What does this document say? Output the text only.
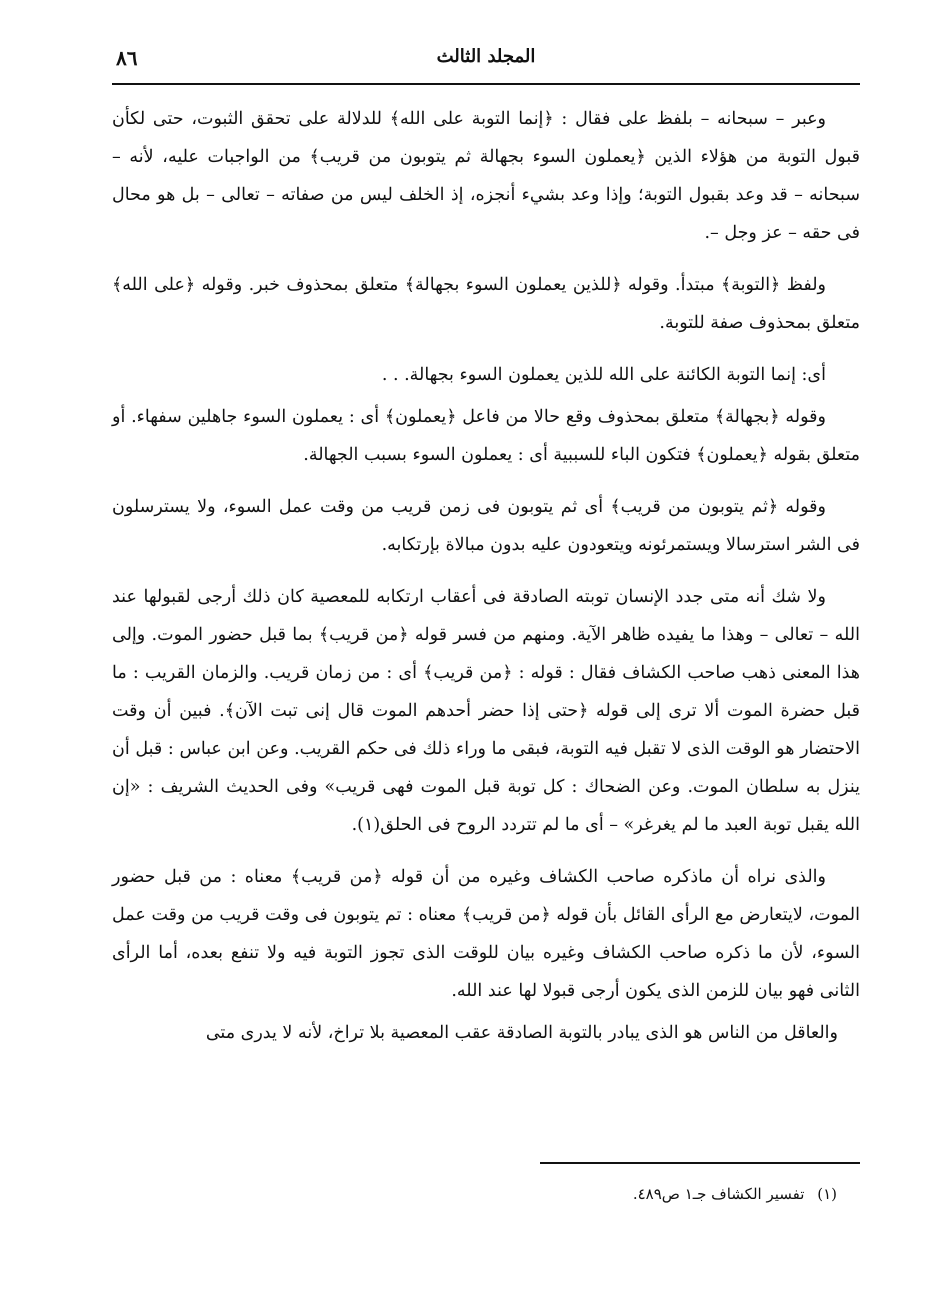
٨٦	المجلد الثالث

وعبر – سبحانه – بلفظ على فقال : ﴿إنما التوبة على الله﴾ للدلالة على تحقق الثبوت، حتى لكأن قبول التوبة من هؤلاء الذين ﴿يعملون السوء بجهالة ثم يتوبون من قريب﴾ من الواجبات عليه، لأنه – سبحانه – قد وعد بقبول التوبة؛ وإذا وعد بشيء أنجزه، إذ الخلف ليس من صفاته – تعالى – بل هو محال فى حقه – عز وجل –.

ولفظ ﴿التوبة﴾ مبتدأ. وقوله ﴿للذين يعملون السوء بجهالة﴾ متعلق بمحذوف خبر. وقوله ﴿على الله﴾ متعلق بمحذوف صفة للتوبة.

أى: إنما التوبة الكائنة على الله للذين يعملون السوء بجهالة. . .

وقوله ﴿بجهالة﴾ متعلق بمحذوف وقع حالا من فاعل ﴿يعملون﴾ أى : يعملون السوء جاهلين سفهاء. أو متعلق بقوله ﴿يعملون﴾ فتكون الباء للسببية أى : يعملون السوء بسبب الجهالة.

وقوله ﴿ثم يتوبون من قريب﴾ أى ثم يتوبون فى زمن قريب من وقت عمل السوء، ولا يسترسلون فى الشر استرسالا ويستمرئونه ويتعودون عليه بدون مبالاة بإرتكابه.

ولا شك أنه متى جدد الإنسان توبته الصادقة فى أعقاب ارتكابه للمعصية كان ذلك أرجى لقبولها عند الله – تعالى – وهذا ما يفيده ظاهر الآية. ومنهم من فسر قوله ﴿من قريب﴾ بما قبل حضور الموت. وإلى هذا المعنى ذهب صاحب الكشاف فقال : قوله : ﴿من قريب﴾ أى : من زمان قريب. والزمان القريب : ما قبل حضرة الموت ألا ترى إلى قوله ﴿حتى إذا حضر أحدهم الموت قال إنى تبت الآن﴾. فبين أن وقت الاحتضار هو الوقت الذى لا تقبل فيه التوبة، فبقى ما وراء ذلك فى حكم القريب. وعن ابن عباس : قبل أن ينزل به سلطان الموت. وعن الضحاك : كل توبة قبل الموت فهى قريب» وفى الحديث الشريف : «إن الله يقبل توبة العبد ما لم يغرغر» – أى ما لم تتردد الروح فى الحلق(١).

والذى نراه أن ماذكره صاحب الكشاف وغيره من أن قوله ﴿من قريب﴾ معناه : من قبل حضور الموت، لايتعارض مع الرأى القائل بأن قوله ﴿من قريب﴾ معناه : تم يتوبون فى وقت قريب من وقت عمل السوء، لأن ما ذكره صاحب الكشاف وغيره بيان للوقت الذى تجوز التوبة فيه ولا تنفع بعده، أما الرأى الثانى فهو بيان للزمن الذى يكون أرجى قبولا لها عند الله.

والعاقل من الناس هو الذى يبادر بالتوبة الصادقة عقب المعصية بلا تراخ، لأنه لا يدرى متى

(١) تفسير الكشاف جـ١ ص٤٨٩.
